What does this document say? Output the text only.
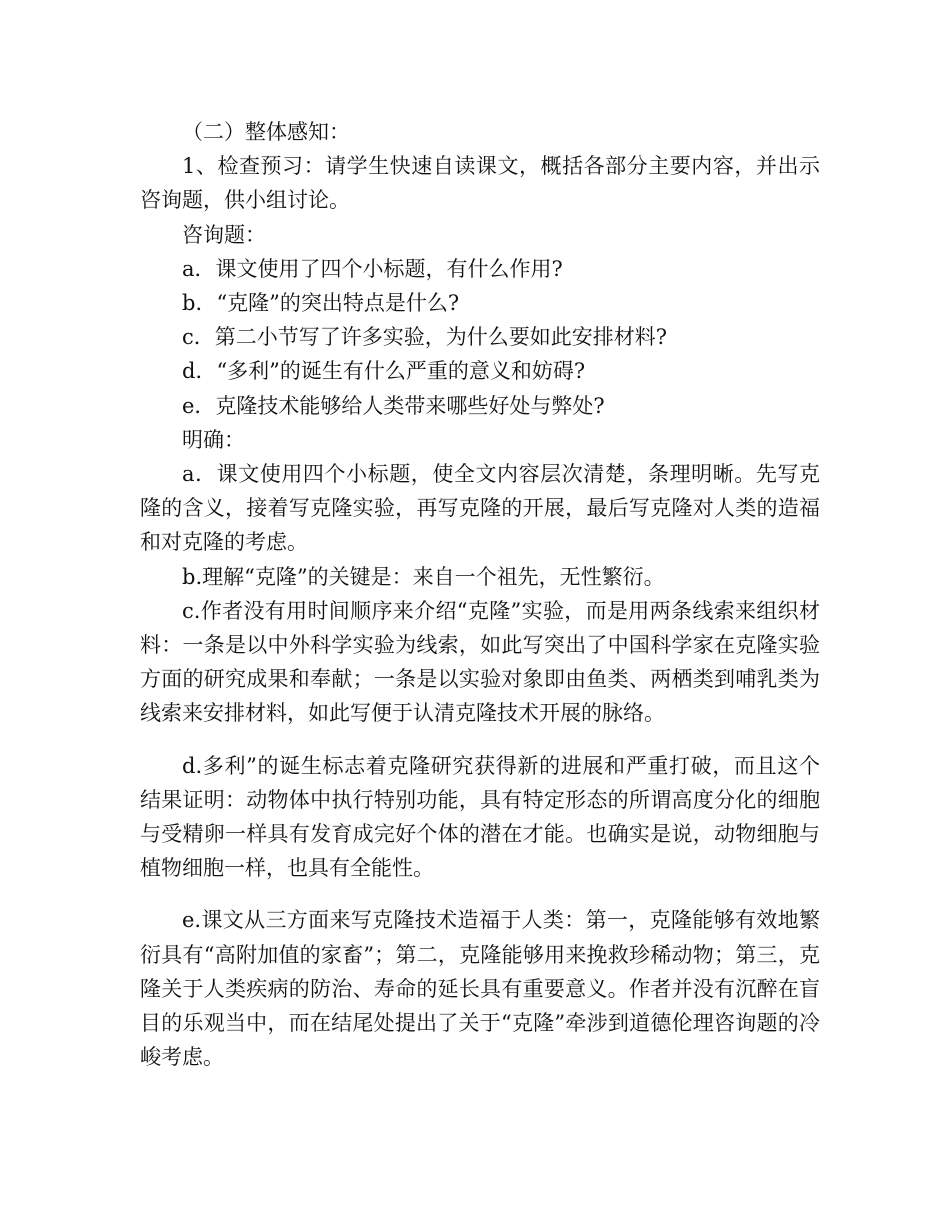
（二）整体感知：

1、检查预习：请学生快速自读课文，概括各部分主要内容，并出示咨询题，供小组讨论。

咨询题：

a．课文使用了四个小标题，有什么作用?

b．“克隆”的突出特点是什么?

c．第二小节写了许多实验，为什么要如此安排材料?

d．“多利”的诞生有什么严重的意义和妨碍?

e．克隆技术能够给人类带来哪些好处与弊处?

明确：

a．课文使用四个小标题，使全文内容层次清楚，条理明晰。先写克隆的含义，接着写克隆实验，再写克隆的开展，最后写克隆对人类的造福和对克隆的考虑。

b.理解“克隆”的关键是：来自一个祖先，无性繁衍。

c.作者没有用时间顺序来介绍“克隆”实验，而是用两条线索来组织材料：一条是以中外科学实验为线索，如此写突出了中国科学家在克隆实验方面的研究成果和奉献；一条是以实验对象即由鱼类、两栖类到哺乳类为线索来安排材料，如此写便于认清克隆技术开展的脉络。

d.多利”的诞生标志着克隆研究获得新的进展和严重打破，而且这个结果证明：动物体中执行特别功能，具有特定形态的所谓高度分化的细胞与受精卵一样具有发育成完好个体的潜在才能。也确实是说，动物细胞与植物细胞一样，也具有全能性。

e.课文从三方面来写克隆技术造福于人类：第一，克隆能够有效地繁衍具有“高附加值的家畜”；第二，克隆能够用来挽救珍稀动物；第三，克隆关于人类疾病的防治、寿命的延长具有重要意义。作者并没有沉醉在盲目的乐观当中，而在结尾处提出了关于“克隆”牵涉到道德伦理咨询题的冷峻考虑。
